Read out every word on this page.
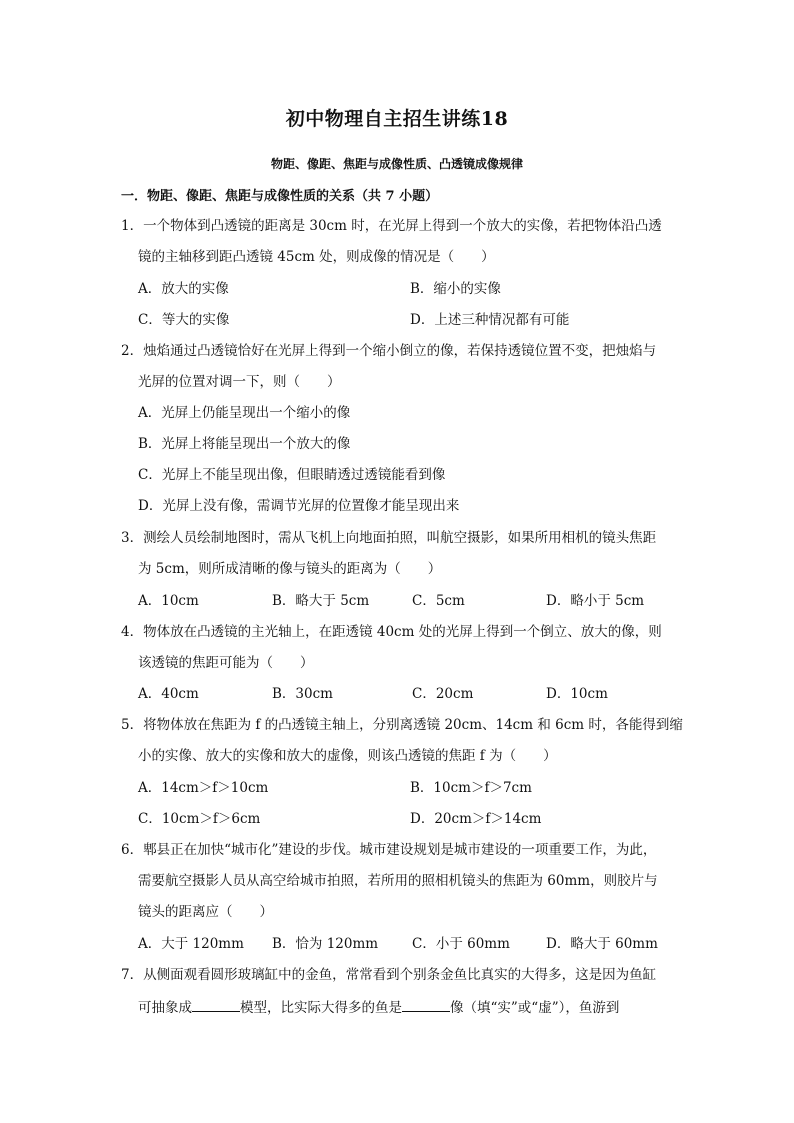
初中物理自主招生讲练18
物距、像距、焦距与成像性质、凸透镜成像规律
一．物距、像距、焦距与成像性质的关系（共 7 小题）
1．一个物体到凸透镜的距离是 30cm 时，在光屏上得到一个放大的实像，若把物体沿凸透
镜的主轴移到距凸透镜 45cm 处，则成像的情况是（　　）
A．放大的实像	B．缩小的实像
C．等大的实像	D．上述三种情况都有可能
2．烛焰通过凸透镜恰好在光屏上得到一个缩小倒立的像，若保持透镜位置不变，把烛焰与
光屏的位置对调一下，则（　　）
A．光屏上仍能呈现出一个缩小的像
B．光屏上将能呈现出一个放大的像
C．光屏上不能呈现出像，但眼睛透过透镜能看到像
D．光屏上没有像，需调节光屏的位置像才能呈现出来
3．测绘人员绘制地图时，需从飞机上向地面拍照，叫航空摄影，如果所用相机的镜头焦距
为 5cm，则所成清晰的像与镜头的距离为（　　）
A．10cm	B．略大于 5cm	C．5cm	D．略小于 5cm
4．物体放在凸透镜的主光轴上，在距透镜 40cm 处的光屏上得到一个倒立、放大的像，则
该透镜的焦距可能为（　　）
A．40cm	B．30cm	C．20cm	D．10cm
5．将物体放在焦距为 f 的凸透镜主轴上，分别离透镜 20cm、14cm 和 6cm 时，各能得到缩
小的实像、放大的实像和放大的虚像，则该凸透镜的焦距 f 为（　　）
A．14cm＞f＞10cm	B．10cm＞f＞7cm
C．10cm＞f＞6cm	D．20cm＞f＞14cm
6．郫县正在加快“城市化”建设的步伐。城市建设规划是城市建设的一项重要工作，为此，
需要航空摄影人员从高空给城市拍照，若所用的照相机镜头的焦距为 60mm，则胶片与
镜头的距离应（　　）
A．大于 120mm B．恰为 120mm	C．小于 60mm	D．略大于 60mm
7．从侧面观看圆形玻璃缸中的金鱼，常常看到个别条金鱼比真实的大得多，这是因为鱼缸
可抽象成	模型，比实际大得多的鱼是	像（填“实”或“虚”），鱼游到
